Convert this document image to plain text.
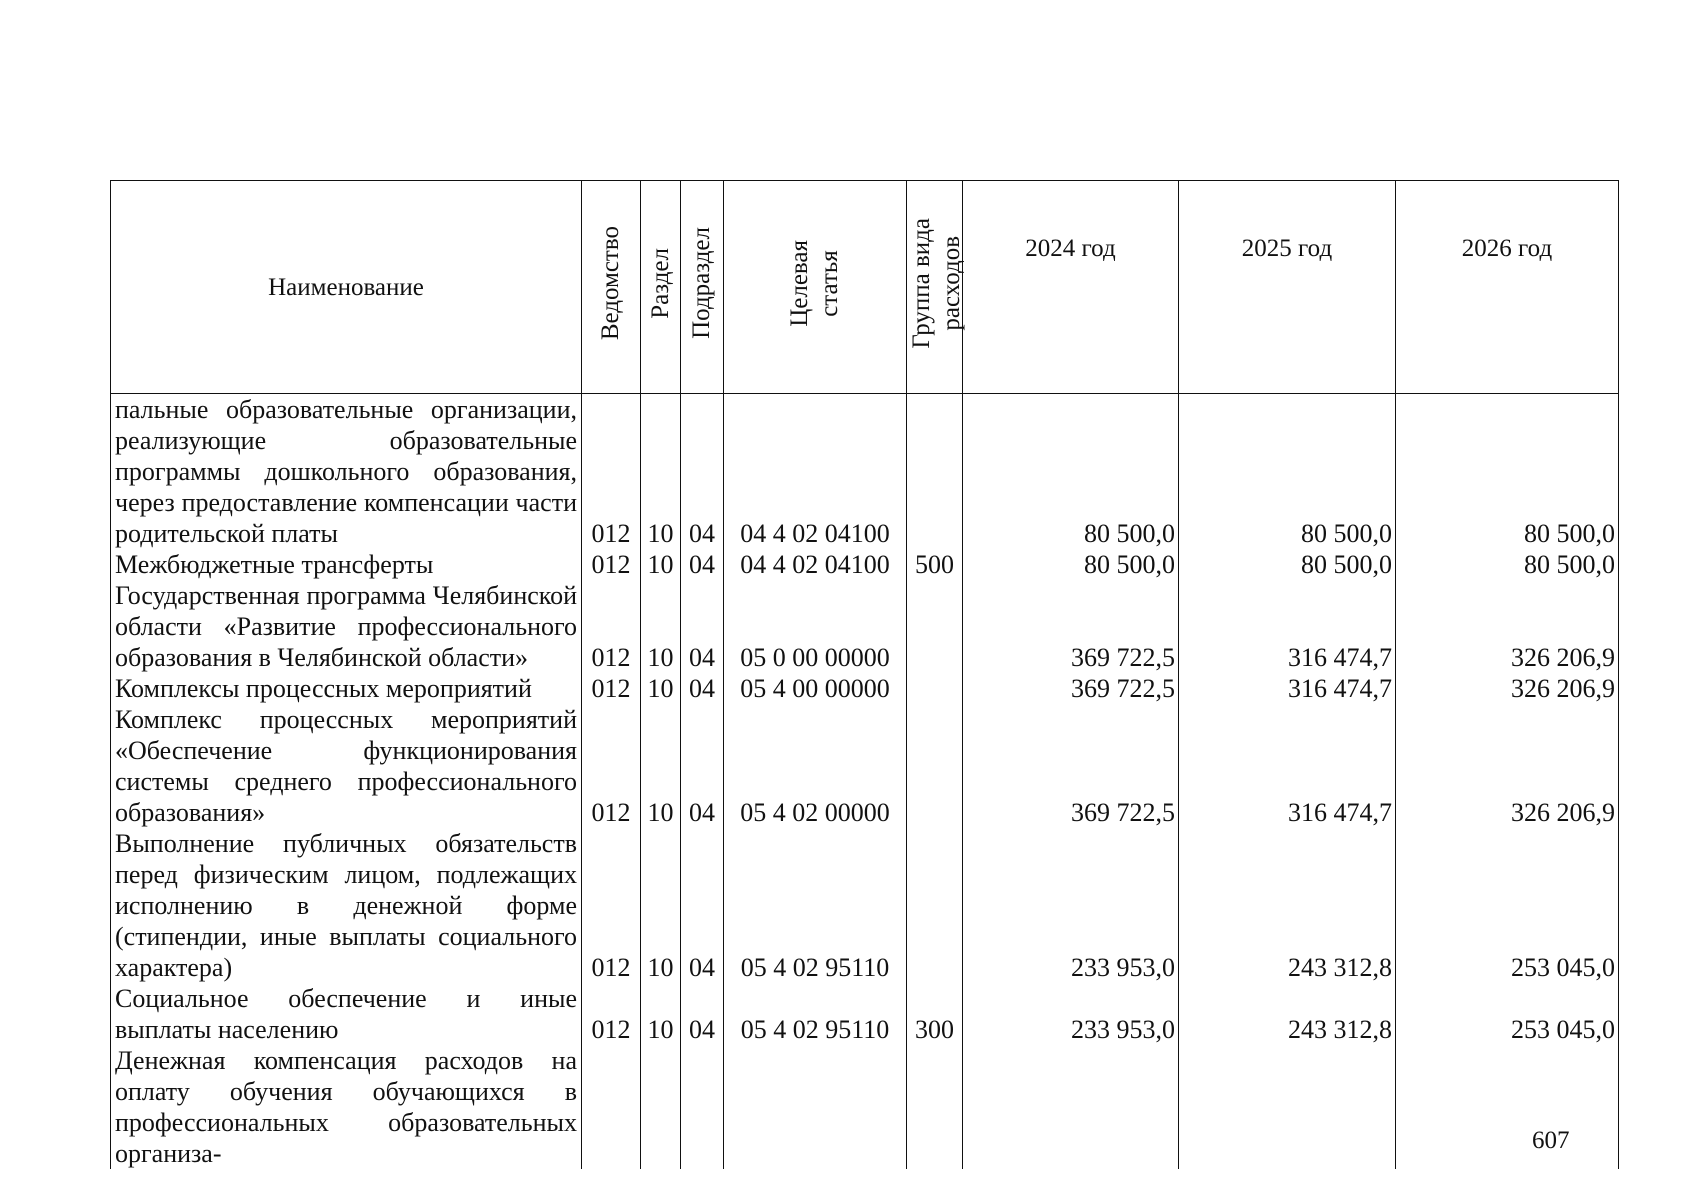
Наименование	Ведомство	Раздел	Подраздел	Целевая статья	Группа вида расходов	2024 год	2025 год	2026 год
пальные образовательные организации, реализующие образовательные программы дошкольного образования, через предоставление компенсации части родительской платы	012	10	04	04 4 02 04100		80 500,0	80 500,0	80 500,0
Межбюджетные трансферты	012	10	04	04 4 02 04100	500	80 500,0	80 500,0	80 500,0
Государственная программа Челябинской области «Развитие профессионального образования в Челябинской области»	012	10	04	05 0 00 00000		369 722,5	316 474,7	326 206,9
Комплексы процессных мероприятий	012	10	04	05 4 00 00000		369 722,5	316 474,7	326 206,9
Комплекс процессных мероприятий «Обеспечение функционирования системы среднего профессионального образования»	012	10	04	05 4 02 00000		369 722,5	316 474,7	326 206,9
Выполнение публичных обязательств перед физическим лицом, подлежащих исполнению в денежной форме (стипендии, иные выплаты социального характера)	012	10	04	05 4 02 95110		233 953,0	243 312,8	253 045,0
Социальное обеспечение и иные выплаты населению	012	10	04	05 4 02 95110	300	233 953,0	243 312,8	253 045,0
Денежная компенсация расходов на оплату обучения обучающихся в профессиональных образовательных организа-									607
